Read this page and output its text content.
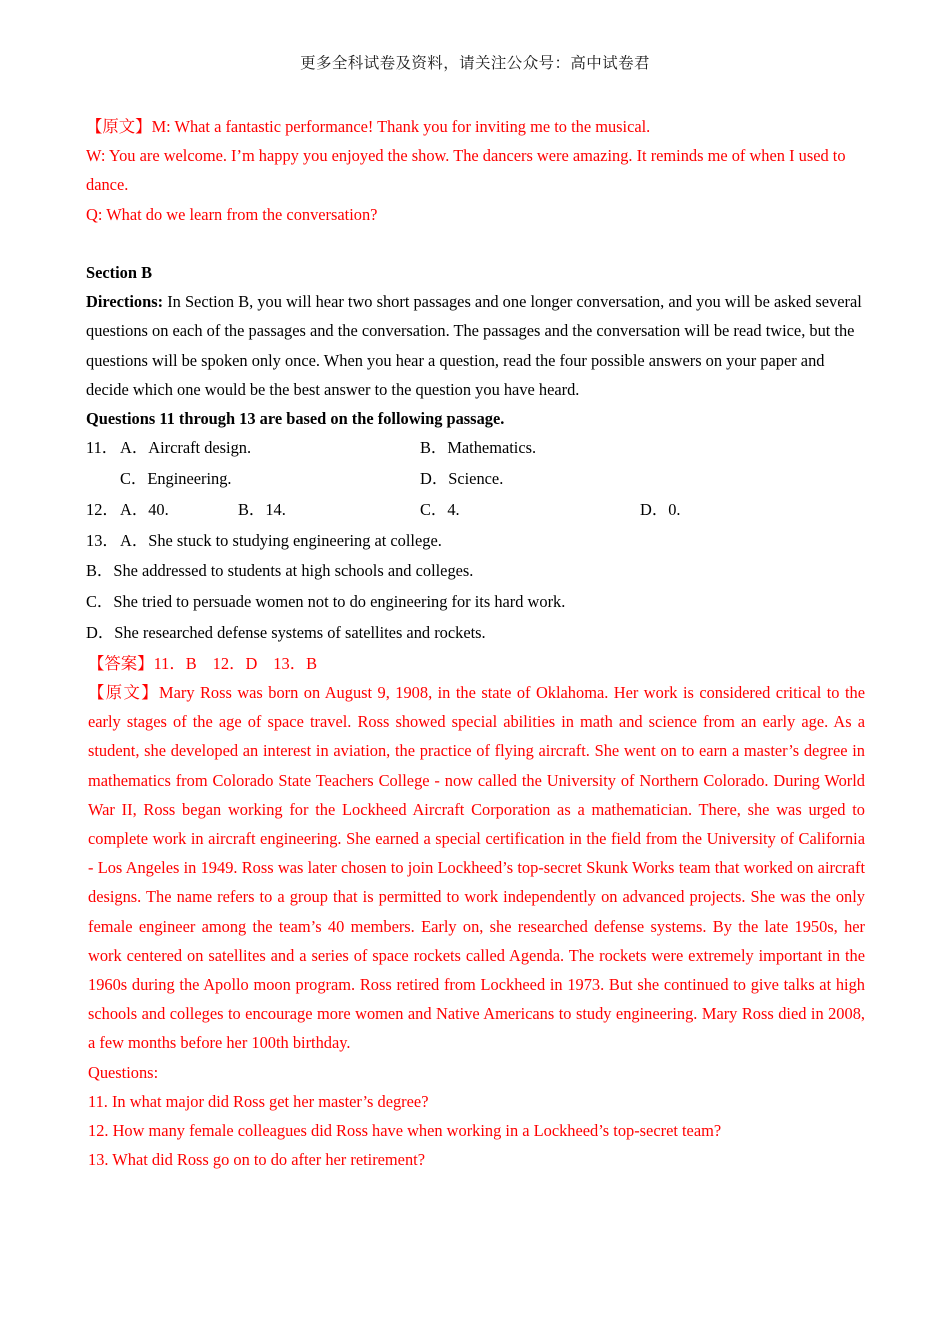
更多全科试卷及资料，请关注公众号：高中试卷君

【原文】M: What a fantastic performance! Thank you for inviting me to the musical.

W: You are welcome. I’m happy you enjoyed the show. The dancers were amazing. It reminds me of when I used to dance.

Q: What do we learn from the conversation?

Section B

Directions: In Section B, you will hear two short passages and one longer conversation, and you will be asked several questions on each of the passages and the conversation. The passages and the conversation will be read twice, but the questions will be spoken only once. When you hear a question, read the four possible answers on your paper and decide which one would be the best answer to the question you have heard.

Questions 11 through 13 are based on the following passage.

11． A．Aircraft design.	B．Mathematics.
C．Engineering.	D．Science.
12．A．40.	B．14.	C．4.	D．0.
13．A．She stuck to studying engineering at college.
B．She addressed to students at high schools and colleges.
C．She tried to persuade women not to do engineering for its hard work.
D．She researched defense systems of satellites and rockets.

【答案】11．B 12．D 13．B

【原文】Mary Ross was born on August 9, 1908, in the state of Oklahoma. Her work is considered critical to the early stages of the age of space travel. Ross showed special abilities in math and science from an early age. As a student, she developed an interest in aviation, the practice of flying aircraft. She went on to earn a master’s degree in mathematics from Colorado State Teachers College - now called the University of Northern Colorado. During World War II, Ross began working for the Lockheed Aircraft Corporation as a mathematician. There, she was urged to complete work in aircraft engineering. She earned a special certification in the field from the University of California - Los Angeles in 1949. Ross was later chosen to join Lockheed’s top-secret Skunk Works team that worked on aircraft designs. The name refers to a group that is permitted to work independently on advanced projects. She was the only female engineer among the team’s 40 members. Early on, she researched defense systems. By the late 1950s, her work centered on satellites and a series of space rockets called Agenda. The rockets were extremely important in the 1960s during the Apollo moon program. Ross retired from Lockheed in 1973. But she continued to give talks at high schools and colleges to encourage more women and Native Americans to study engineering. Mary Ross died in 2008, a few months before her 100th birthday.

Questions:

11. In what major did Ross get her master’s degree?

12. How many female colleagues did Ross have when working in a Lockheed’s top-secret team?

13. What did Ross go on to do after her retirement?
